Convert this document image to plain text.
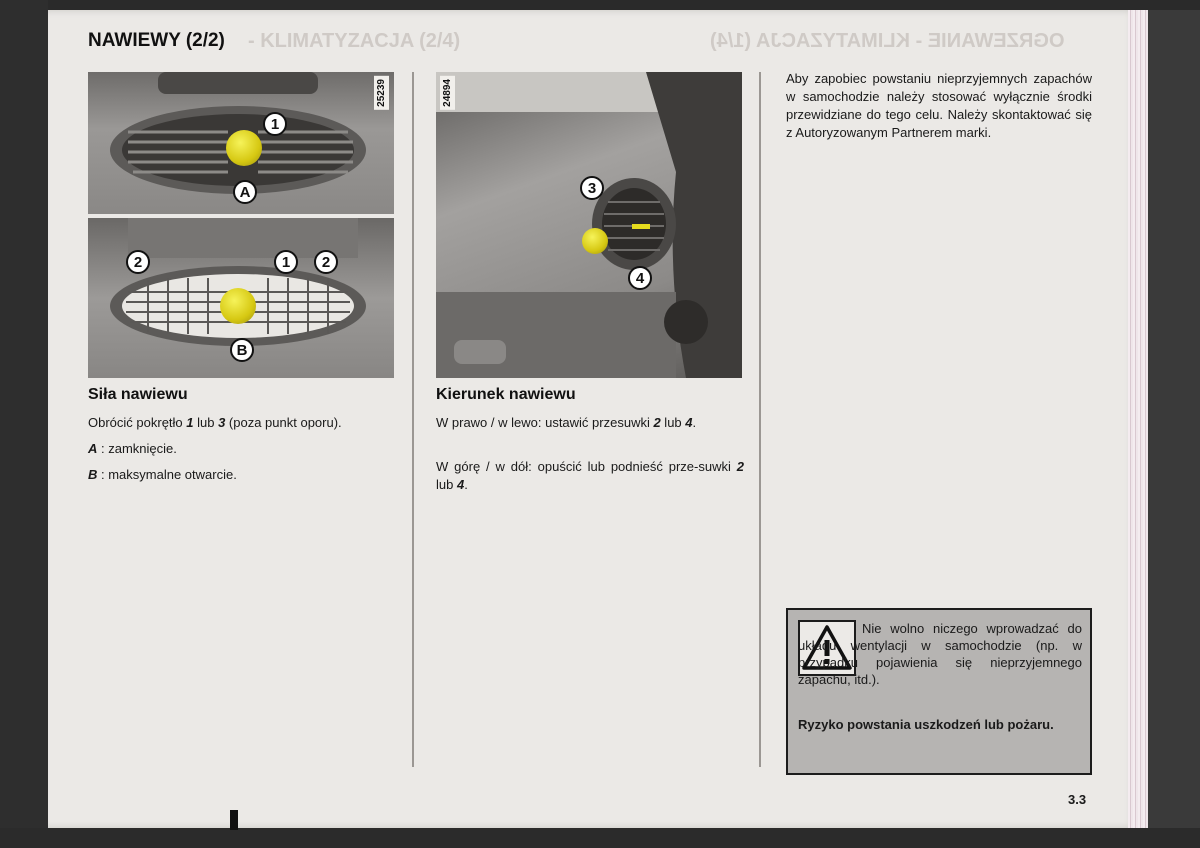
- KLIMATYZACJA (2/4)	OGRZEWANIE - KLIMATYZACJA (1/4)
NAWIEWY (2/2)
25239
1
A
2	1	2
B
24894
3
4
Siła nawiewu
Obrócić pokrętło 1 lub 3 (poza punkt oporu).
A : zamknięcie.
B : maksymalne otwarcie.
Kierunek nawiewu
W prawo / w lewo: ustawić przesuwki 2 lub 4.
W górę / w dół: opuścić lub podnieść prze-suwki 2 lub 4.
Aby zapobiec powstaniu nieprzyjemnych zapachów w samochodzie należy stosować wyłącznie środki przewidziane do tego celu. Należy skontaktować się z Autoryzowanym Partnerem marki.
Nie wolno niczego wprowadzać do układu wentylacji w samochodzie (np. w przypadku pojawienia się nieprzyjemnego zapachu, itd.).
Ryzyko powstania uszkodzeń lub pożaru.
3.3
